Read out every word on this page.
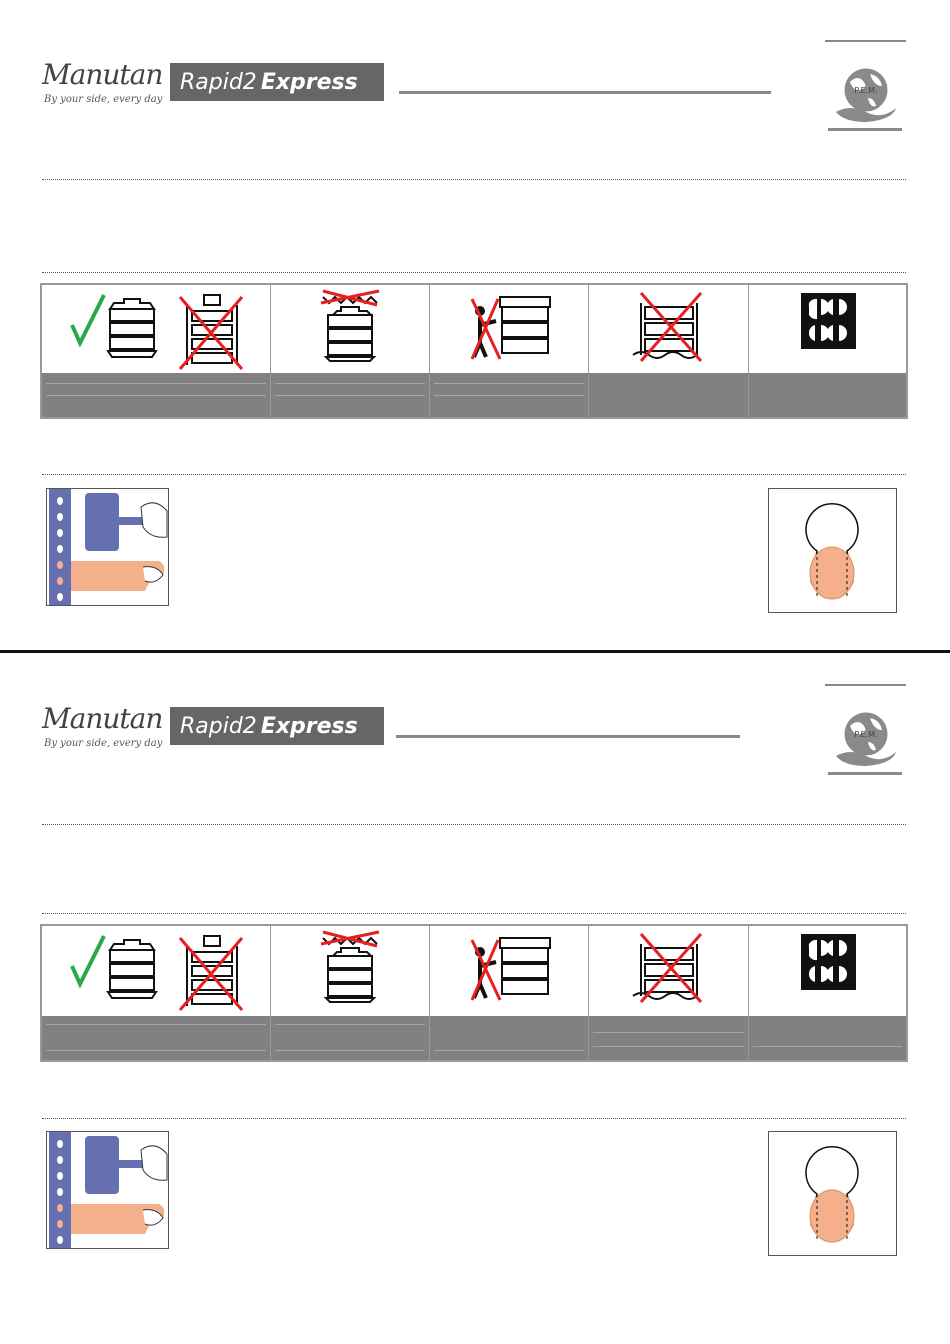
Manutan
By your side, every day
Rapid2 Express	P.E.M.
Manutan
By your side, every day
Rapid2 Express	P.E.M.
